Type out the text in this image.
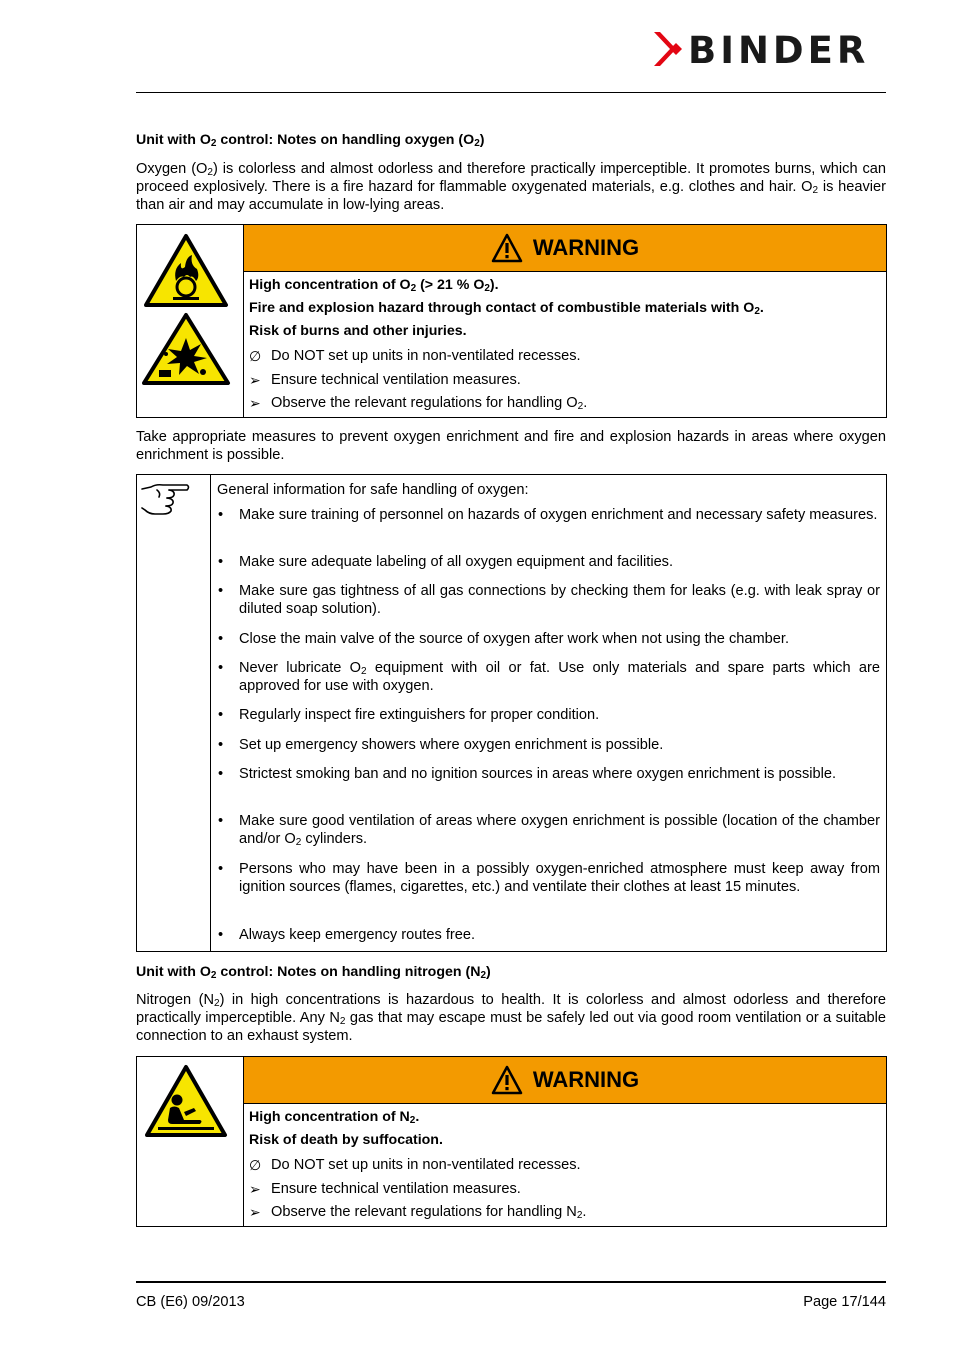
BINDER
Unit with $O_2$ control: Notes on handling oxygen $(O_2)$
Oxygen $(O_2)$ is colorless and almost odorless and therefore practically imperceptible. It promotes burns, which can proceed explosively. There is a fire hazard for flammable oxygenated materials, e.g. clothes and hair. $O_2$ is heavier than air and may accumulate in low-lying areas.
WARNING
High concentration of $O_2$ (> 21 % $O_2$).
Fire and explosion hazard through contact of combustible materials with $O_2$.
Risk of burns and other injuries.
∅ Do NOT set up units in non-ventilated recesses.
➢ Ensure technical ventilation measures.
➢ Observe the relevant regulations for handling $O_2$.
Take appropriate measures to prevent oxygen enrichment and fire and explosion hazards in areas where oxygen enrichment is possible.
General information for safe handling of oxygen:
• Make sure training of personnel on hazards of oxygen enrichment and necessary safety measures.
• Make sure adequate labeling of all oxygen equipment and facilities.
• Make sure gas tightness of all gas connections by checking them for leaks (e.g. with leak spray or diluted soap solution).
• Close the main valve of the source of oxygen after work when not using the chamber.
• Never lubricate $O_2$ equipment with oil or fat. Use only materials and spare parts which are approved for use with oxygen.
• Regularly inspect fire extinguishers for proper condition.
• Set up emergency showers where oxygen enrichment is possible.
• Strictest smoking ban and no ignition sources in areas where oxygen enrichment is possible.
• Make sure good ventilation of areas where oxygen enrichment is possible (location of the chamber and/or $O_2$ cylinders.
• Persons who may have been in a possibly oxygen-enriched atmosphere must keep away from ignition sources (flames, cigarettes, etc.) and ventilate their clothes at least 15 minutes.
• Always keep emergency routes free.
Unit with $O_2$ control: Notes on handling nitrogen $(N_2)$
Nitrogen $(N_2)$ in high concentrations is hazardous to health. It is colorless and almost odorless and therefore practically imperceptible. Any $N_2$ gas that may escape must be safely led out via good room ventilation or a suitable connection to an exhaust system.
WARNING
High concentration of $N_2$.
Risk of death by suffocation.
∅ Do NOT set up units in non-ventilated recesses.
➢ Ensure technical ventilation measures.
➢ Observe the relevant regulations for handling $N_2$.
CB (E6) 09/2013	Page 17/144
